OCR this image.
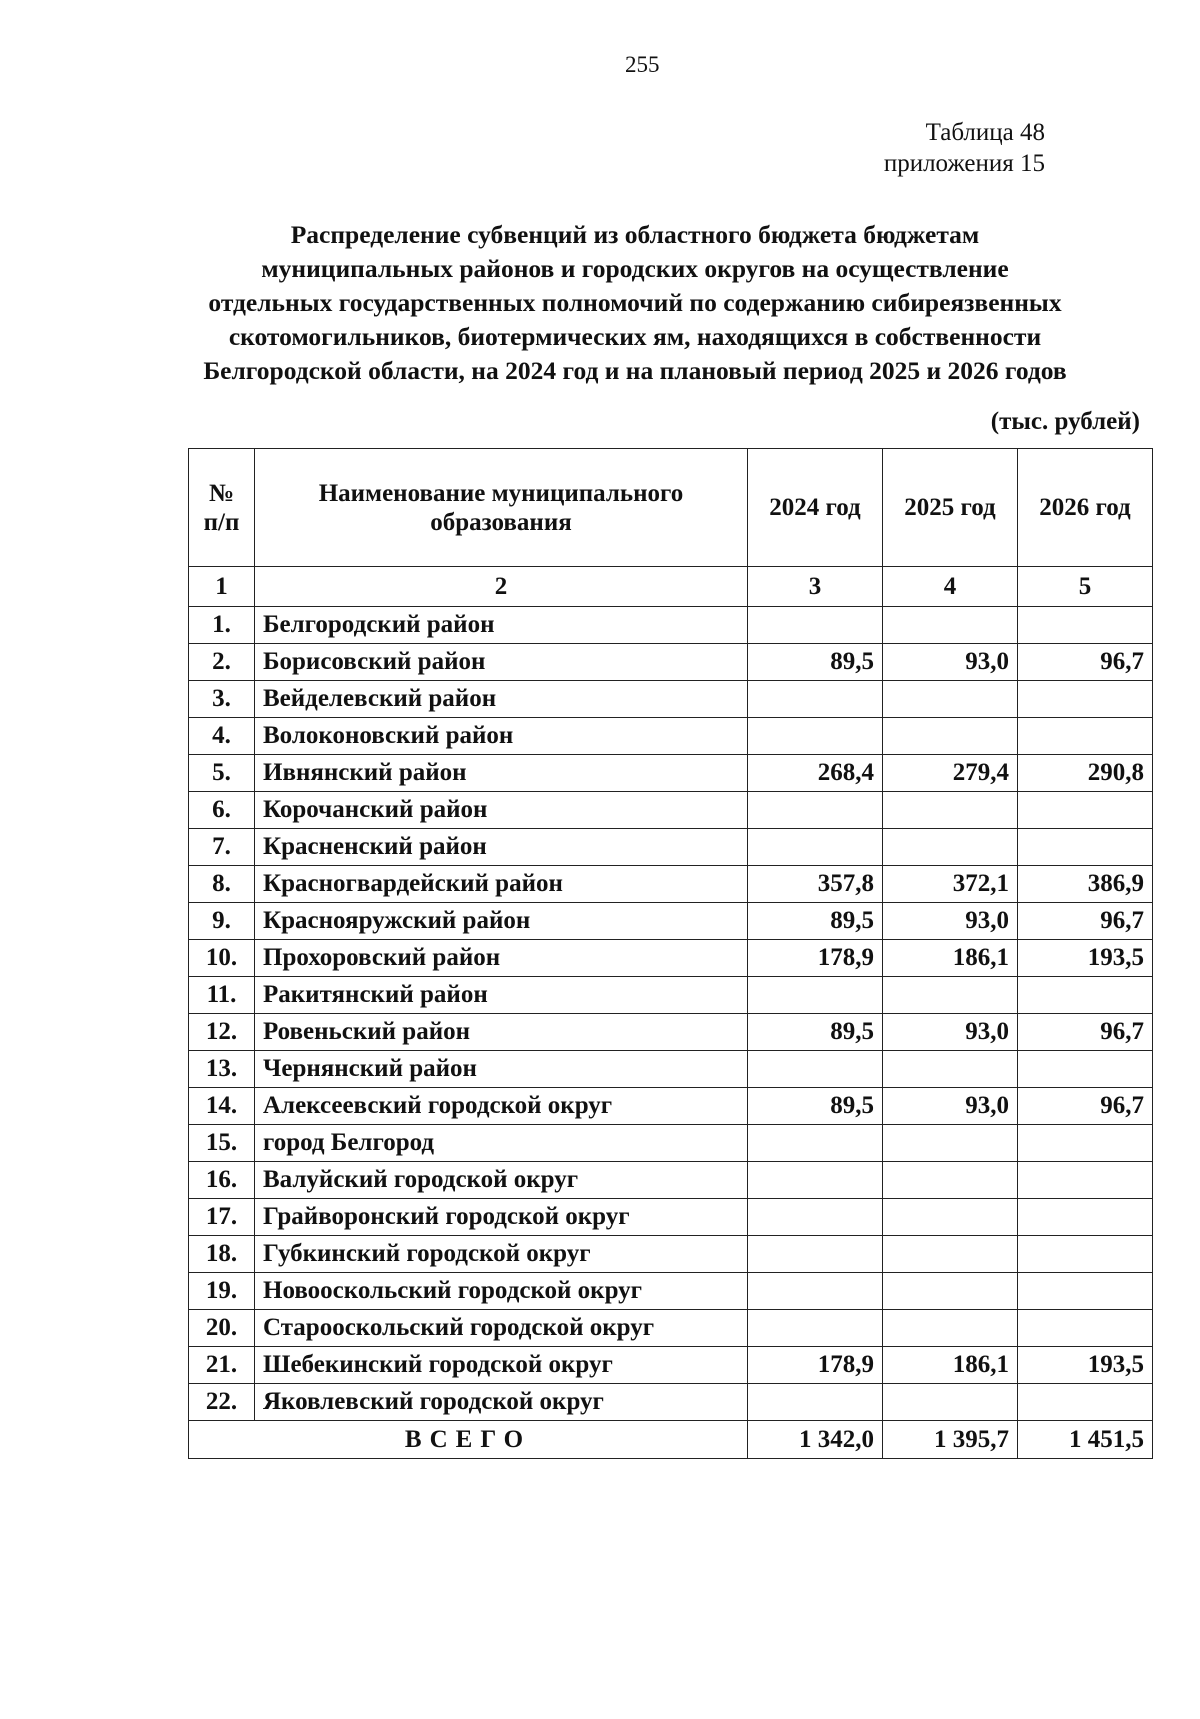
255
Таблица 48
приложения 15
Распределение субвенций из областного бюджета бюджетам
муниципальных районов и городских округов на осуществление
отдельных государственных полномочий по содержанию сибиреязвенных
скотомогильников, биотермических ям, находящихся в собственности
Белгородской области, на 2024 год и на плановый период 2025 и 2026 годов
(тыс. рублей)
№ п/п	Наименование муниципального образования	2024 год	2025 год	2026 год
1	2	3	4	5
1.	Белгородский район			
2.	Борисовский район	89,5	93,0	96,7
3.	Вейделевский район			
4.	Волоконовский район			
5.	Ивнянский район	268,4	279,4	290,8
6.	Корочанский район			
7.	Красненский район			
8.	Красногвардейский район	357,8	372,1	386,9
9.	Краснояружский район	89,5	93,0	96,7
10.	Прохоровский район	178,9	186,1	193,5
11.	Ракитянский район			
12.	Ровеньский район	89,5	93,0	96,7
13.	Чернянский район			
14.	Алексеевский городской округ	89,5	93,0	96,7
15.	город Белгород			
16.	Валуйский городской округ			
17.	Грайворонский городской округ			
18.	Губкинский городской округ			
19.	Новооскольский городской округ			
20.	Старооскольский городской округ			
21.	Шебекинский городской округ	178,9	186,1	193,5
22.	Яковлевский городской округ			
ВСЕГО		1 342,0	1 395,7	1 451,5
